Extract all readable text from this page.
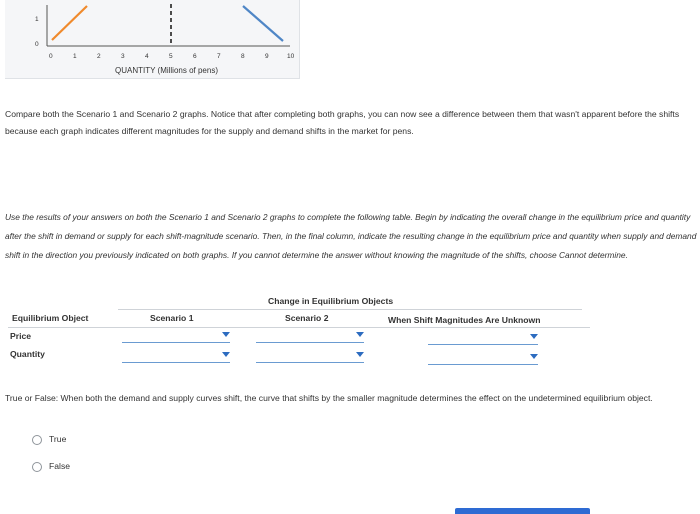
1
0
0	1	2	3	4	5	6	7	8	9	10
QUANTITY (Millions of pens)
Compare both the Scenario 1 and Scenario 2 graphs. Notice that after completing both graphs, you can now see a difference between them that wasn't apparent before the shifts because each graph indicates different magnitudes for the supply and demand shifts in the market for pens.
Use the results of your answers on both the Scenario 1 and Scenario 2 graphs to complete the following table. Begin by indicating the overall change in the equilibrium price and quantity after the shift in demand or supply for each shift-magnitude scenario. Then, in the final column, indicate the resulting change in the equilibrium price and quantity when supply and demand shift in the direction you previously indicated on both graphs. If you cannot determine the answer without knowing the magnitude of the shifts, choose Cannot determine.
Change in Equilibrium Objects
Equilibrium Object	Scenario 1	Scenario 2	When Shift Magnitudes Are Unknown
Price
Quantity
True or False: When both the demand and supply curves shift, the curve that shifts by the smaller magnitude determines the effect on the undetermined equilibrium object.
True
False
